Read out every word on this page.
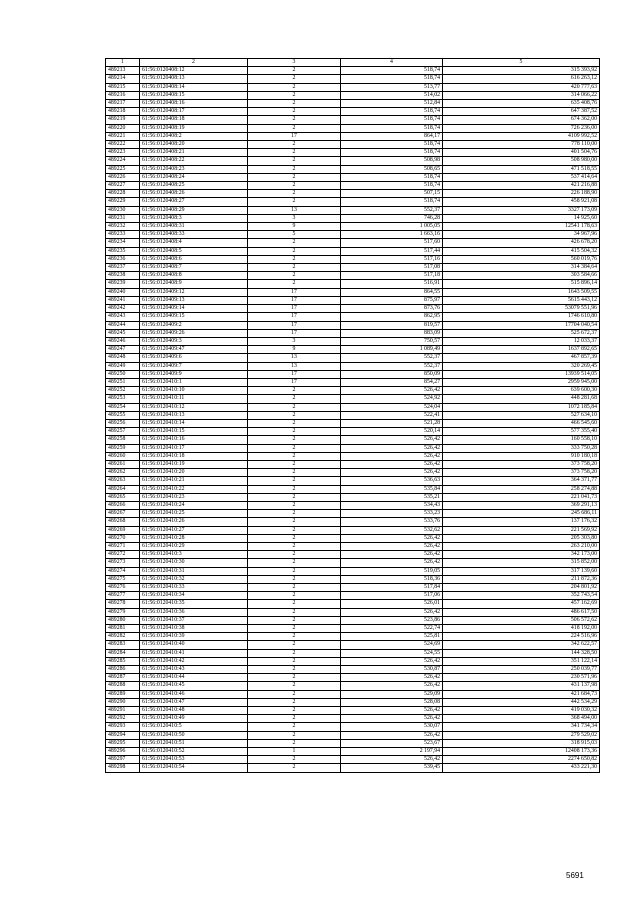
1	2	3	4	5
489213	61:56:0120408:12	2	518,74	315 393,92
489214	61:56:0120408:13	2	518,74	616 263,12
489215	61:56:0120408:14	2	513,77	420 777,63
489216	61:56:0120408:15	2	514,02	314 066,22
489217	61:56:0120408:16	2	512,84	635 408,76
489218	61:56:0120408:17	2	518,74	647 387,52
489219	61:56:0120408:18	2	518,74	674 362,00
489220	61:56:0120408:19	2	518,74	726 236,00
489221	61:56:0120408:2	17	864,17	4109 992,52
489222	61:56:0120408:20	2	518,74	778 110,00
489223	61:56:0120408:21	2	518,74	401 504,76
489224	61:56:0120408:22	2	508,98	508 980,00
489225	61:56:0120408:23	2	508,65	471 518,55
489226	61:56:0120408:24	2	518,74	537 414,64
489227	61:56:0120408:25	2	518,74	421 216,88
489228	61:56:0120408:26	2	507,15	226 188,90
489229	61:56:0120408:27	2	518,74	458 921,08
489230	61:56:0120408:29	13	552,37	3327 173,09
489231	61:56:0120408:3	3	746,28	14 925,60
489232	61:56:0120408:31	9	1 005,05	12541 178,63
489233	61:56:0120408:33	5	1 663,16	34 967,96
489234	61:56:0120408:4	2	517,60	426 678,20
489235	61:56:0120408:5	2	517,44	415 504,32
489236	61:56:0120408:6	2	517,16	560 019,76
489237	61:56:0120408:7	2	517,08	314 384,64
489238	61:56:0120408:8	2	517,18	303 584,66
489239	61:56:0120408:9	2	516,91	515 896,14
489240	61:56:0120409:12	17	864,55	1643 509,55
489241	61:56:0120409:13	17	875,97	5615 443,12
489242	61:56:0120409:14	17	873,76	53079 551,96
489243	61:56:0120409:15	17	862,95	1746 610,80
489244	61:56:0120409:2	17	819,57	17704 040,54
489245	61:56:0120409:26	17	883,09	525 672,37
489246	61:56:0120409:3	3	750,57	12 033,37
489247	61:56:0120409:47	9	1 089,49	1637 892,65
489248	61:56:0120409:6	13	552,37	467 857,39
489249	61:56:0120409:7	13	552,37	320 269,45
489250	61:56:0120409:9	17	850,09	13939 514,05
489251	61:56:0120410:1	17	854,27	2959 945,00
489252	61:56:0120410:10	2	526,42	639 600,30
489253	61:56:0120410:11	2	524,92	448 281,68
489254	61:56:0120410:12	2	524,04	1072 185,84
489255	61:56:0120410:13	2	522,41	527 634,10
489256	61:56:0120410:14	2	521,28	466 545,60
489257	61:56:0120410:15	2	520,14	577 355,40
489258	61:56:0120410:16	2	526,42	160 558,10
489259	61:56:0120410:17	2	526,42	333 750,28
489260	61:56:0120410:18	2	526,42	910 180,18
489261	61:56:0120410:19	2	526,42	373 758,20
489262	61:56:0120410:20	2	526,42	373 758,20
489263	61:56:0120410:21	2	536,63	364 371,77
489264	61:56:0120410:22	2	535,84	258 274,88
489265	61:56:0120410:23	2	535,21	221 041,73
489266	61:56:0120410:24	2	534,43	369 291,13
489267	61:56:0120410:25	2	533,23	245 686,11
489268	61:56:0120410:26	2	533,76	137 176,32
489269	61:56:0120410:27	2	532,62	221 569,92
489270	61:56:0120410:28	2	526,42	205 303,80
489271	61:56:0120410:29	2	526,42	263 210,00
489272	61:56:0120410:3	2	526,42	342 173,00
489273	61:56:0120410:30	2	526,42	315 852,00
489274	61:56:0120410:31	2	519,05	317 139,60
489275	61:56:0120410:32	2	518,36	211 872,36
489276	61:56:0120410:33	2	517,84	204 801,92
489277	61:56:0120410:34	2	517,06	352 743,54
489278	61:56:0120410:35	2	526,01	457 162,69
489279	61:56:0120410:36	2	526,42	486 617,50
489280	61:56:0120410:37	2	523,86	506 572,62
489281	61:56:0120410:38	2	522,74	418 192,00
489282	61:56:0120410:39	2	525,81	224 516,96
489283	61:56:0120410:40	2	524,69	342 622,57
489284	61:56:0120410:41	2	524,55	144 328,50
489285	61:56:0120410:42	2	526,42	351 122,14
489286	61:56:0120410:43	2	530,87	250 039,77
489287	61:56:0120410:44	2	526,42	230 571,96
489288	61:56:0120410:45	2	526,42	431 137,98
489289	61:56:0120410:46	2	529,09	421 684,73
489290	61:56:0120410:47	2	528,08	442 534,29
489291	61:56:0120410:48	2	526,42	419 030,32
489292	61:56:0120410:49	2	526,42	368 494,00
489293	61:56:0120410:5	2	530,07	341 734,34
489294	61:56:0120410:50	2	526,42	279 529,02
489295	61:56:0120410:51	2	523,67	318 915,03
489296	61:56:0120410:52	1	2 197,94	12408 173,36
489297	61:56:0120410:53	2	526,42	2274 650,82
489298	61:56:0120410:54	2	539,45	433 221,30
5691
